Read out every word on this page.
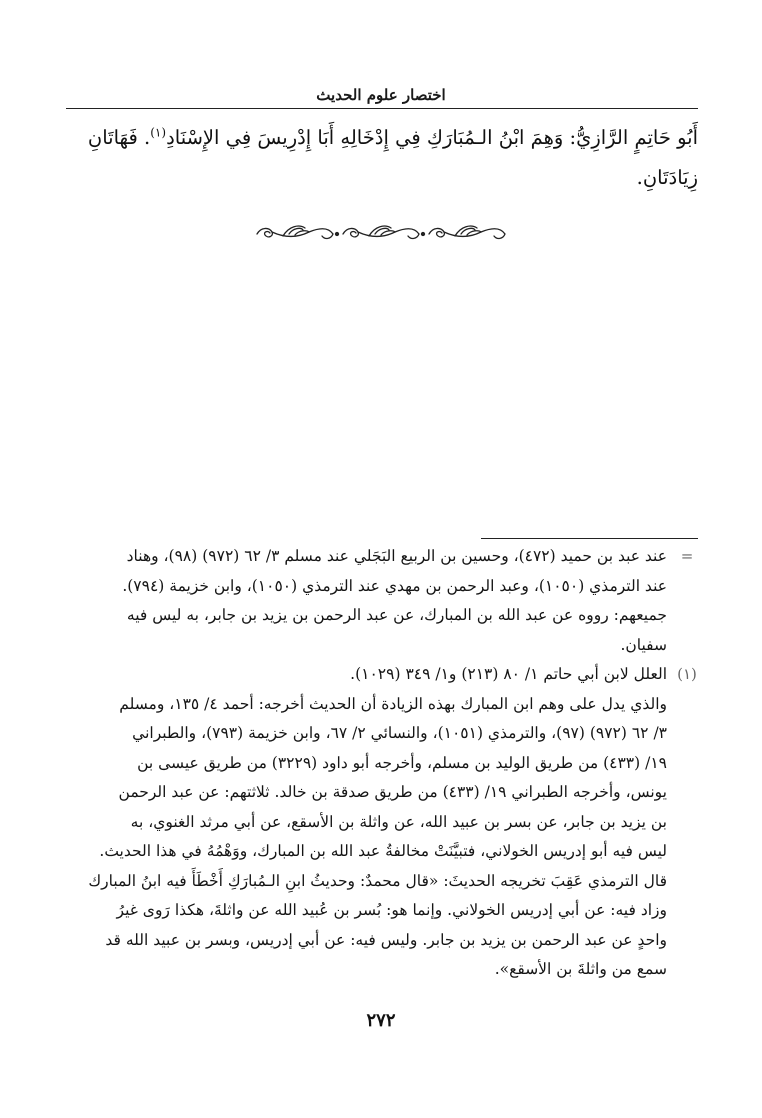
اختصار علوم الحديث
أَبُو حَاتِمٍ الرَّازِيُّ: وَهِمَ ابْنُ الـمُبَارَكِ فِي إِدْخَالِهِ أَبَا إِدْرِيسَ فِي الإِسْنَادِ$^{(١)}$. فَهَاتَانِ
زِيَادَتَانِ.
=
عند عبد بن حميد (٤٧٢)، وحسين بن الربيع البَجَلي عند مسلم ٣/ ٦٢ (٩٧٢) (٩٨)، وهناد
عند الترمذي (١٠٥٠)، وعبد الرحمن بن مهدي عند الترمذي (١٠٥٠)، وابن خزيمة (٧٩٤).
جميعهم: رووه عن عبد الله بن المبارك، عن عبد الرحمن بن يزيد بن جابر، به ليس فيه
سفيان.
(١)
العلل لابن أبي حاتم ١/ ٨٠ (٢١٣) و١/ ٣٤٩ (١٠٢٩).
والذي يدل على وهم ابن المبارك بهذه الزيادة أن الحديث أخرجه: أحمد ٤/ ١٣٥، ومسلم
٣/ ٦٢ (٩٧٢) (٩٧)، والترمذي (١٠٥١)، والنسائي ٢/ ٦٧، وابن خزيمة (٧٩٣)، والطبراني
١٩/ (٤٣٣) من طريق الوليد بن مسلم، وأخرجه أبو داود (٣٢٢٩) من طريق عيسى بن
يونس، وأخرجه الطبراني ١٩/ (٤٣٣) من طريق صدقة بن خالد. ثلاثتهم: عن عبد الرحمن
بن يزيد بن جابر، عن بسر بن عبيد الله، عن واثلة بن الأسقع، عن أبي مرثد الغنوي، به
ليس فيه أبو إدريس الخولاني، فتبيَّنَتْ مخالفةُ عبد الله بن المبارك، ووَهْمُهُ في هذا الحديث.
قال الترمذي عَقِبَ تخريجه الحديثَ: «قال محمدٌ: وحديثُ ابنِ الـمُبارَكِ أَخْطَأَ فيه ابنُ المبارك
وزاد فيه: عن أبي إدريس الخولاني. وإنما هو: بُسر بن عُبيد الله عن واثلةَ، هكذا رَوى غيرُ
واحدٍ عن عبد الرحمن بن يزيد بن جابر. وليس فيه: عن أبي إدريس، وبسر بن عبيد الله قد
سمع من واثلةَ بن الأسقع».
٢٧٢
